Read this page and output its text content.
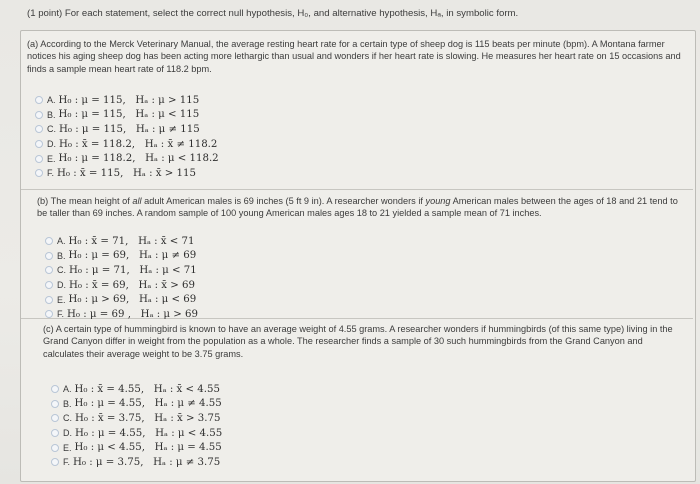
(1 point) For each statement, select the correct null hypothesis, H₀, and alternative hypothesis, Hₐ, in symbolic form.
(a) According to the Merck Veterinary Manual, the average resting heart rate for a certain type of sheep dog is 115 beats per minute (bpm). A Montana farmer notices his aging sheep dog has been acting more lethargic than usual and wonders if her heart rate is slowing. He measures her heart rate on 15 occasions and finds a sample mean heart rate of 118.2 bpm.
A. H₀ : μ = 115,   Hₐ : μ > 115
B. H₀ : μ = 115,   Hₐ : μ < 115
C. H₀ : μ = 115,   Hₐ : μ ≠ 115
D. H₀ : x̄ = 118.2,   Hₐ : x̄ ≠ 118.2
E. H₀ : μ = 118.2,   Hₐ : μ < 118.2
F. H₀ : x̄ = 115,   Hₐ : x̄ > 115
(b) The mean height of all adult American males is 69 inches (5 ft 9 in). A researcher wonders if young American males between the ages of 18 and 21 tend to be taller than 69 inches. A random sample of 100 young American males ages 18 to 21 yielded a sample mean of 71 inches.
A. H₀ : x̄ = 71,   Hₐ : x̄ < 71
B. H₀ : μ = 69,   Hₐ : μ ≠ 69
C. H₀ : μ = 71,   Hₐ : μ < 71
D. H₀ : x̄ = 69,   Hₐ : x̄ > 69
E. H₀ : μ > 69,   Hₐ : μ < 69
F. H₀ : μ = 69 ,   Hₐ : μ > 69
(c) A certain type of hummingbird is known to have an average weight of 4.55 grams. A researcher wonders if hummingbirds (of this same type) living in the Grand Canyon differ in weight from the population as a whole. The researcher finds a sample of 30 such hummingbirds from the Grand Canyon and calculates their average weight to be 3.75 grams.
A. H₀ : x̄ = 4.55,   Hₐ : x̄ < 4.55
B. H₀ : μ = 4.55,   Hₐ : μ ≠ 4.55
C. H₀ : x̄ = 3.75,   Hₐ : x̄ > 3.75
D. H₀ : μ = 4.55,   Hₐ : μ < 4.55
E. H₀ : μ < 4.55,   Hₐ : μ = 4.55
F. H₀ : μ = 3.75,   Hₐ : μ ≠ 3.75
